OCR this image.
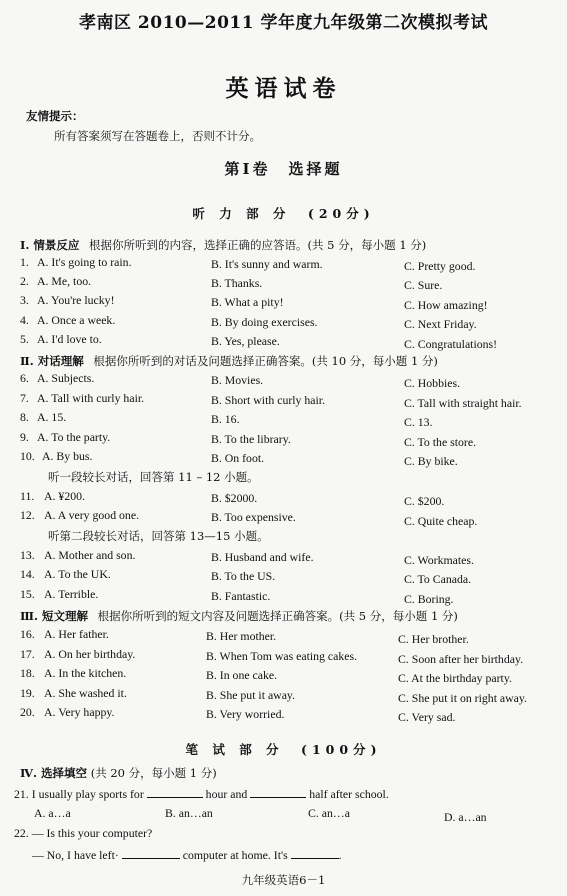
孝南区 2010—2011 学年度九年级第二次模拟考试
英语试卷
友情提示：
所有答案须写在答题卷上，否则不计分。
第Ⅰ卷　选择题
听 力 部 分　(20分)
Ⅰ. 情景反应 根据你所听到的内容，选择正确的应答语。(共 5 分，每小题 1 分)
1. A. It's going to rain.	B. It's sunny and warm.	C. Pretty good.
2. A. Me, too.	B. Thanks.	C. Sure.
3. A. You're lucky!	B. What a pity!	C. How amazing!
4. A. Once a week.	B. By doing exercises.	C. Next Friday.
5. A. I'd love to.	B. Yes, please.	C. Congratulations!
Ⅱ. 对话理解 根据你所听到的对话及问题选择正确答案。(共 10 分，每小题 1 分)
6. A. Subjects.	B. Movies.	C. Hobbies.
7. A. Tall with curly hair.	B. Short with curly hair.	C. Tall with straight hair.
8. A. 15.	B. 16.	C. 13.
9. A. To the party.	B. To the library.	C. To the store.
10. A. By bus.	B. On foot.	C. By bike.
听一段较长对话，回答第 11 – 12 小题。
11. A. ¥200.	B. $2000.	C. $200.
12. A. A very good one.	B. Too expensive.	C. Quite cheap.
听第二段较长对话，回答第 13—15 小题。
13. A. Mother and son.	B. Husband and wife.	C. Workmates.
14. A. To the UK.	B. To the US.	C. To Canada.
15. A. Terrible.	B. Fantastic.	C. Boring.
Ⅲ. 短文理解 根据你所听到的短文内容及问题选择正确答案。(共 5 分，每小题 1 分)
16. A. Her father.	B. Her mother.	C. Her brother.
17. A. On her birthday.	B. When Tom was eating cakes.	C. Soon after her birthday.
18. A. In the kitchen.	B. In one cake.	C. At the birthday party.
19. A. She washed it.	B. She put it away.	C. She put it on right away.
20. A. Very happy.	B. Very worried.	C. Very sad.
笔 试 部 分　(100分)
Ⅳ. 选择填空 (共 20 分，每小题 1 分)
21. I usually play sports for	hour and	half after school.
A. a…a	B. an…an	C. an…a	D. a…an
22. — Is this your computer?
— No, I have left·	computer at home. It's	.
九年级英语6－1
